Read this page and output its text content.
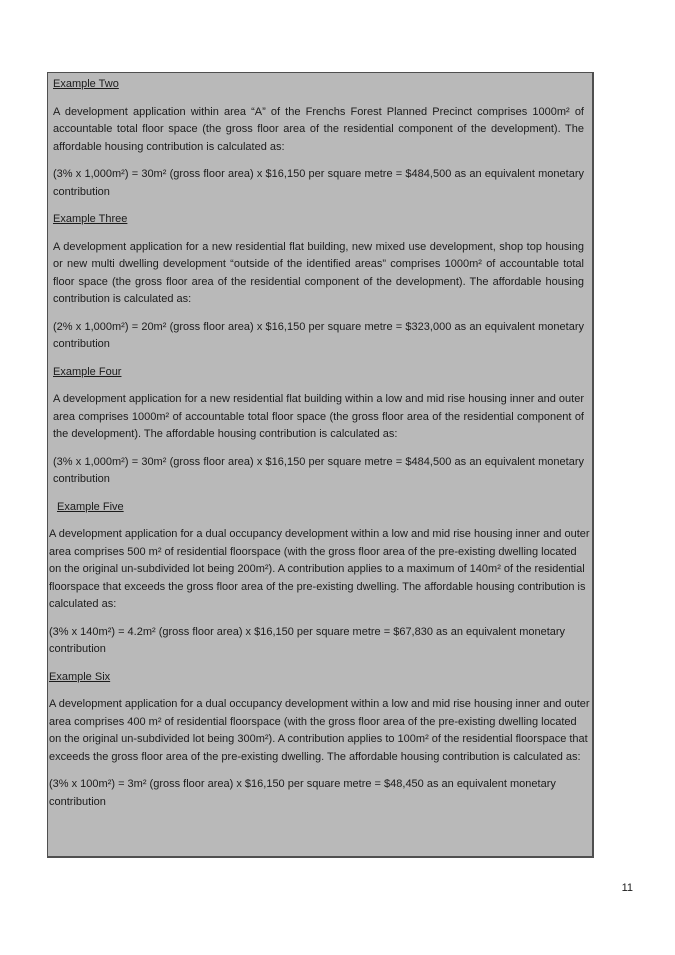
Example Two

A development application within area “A” of the Frenchs Forest Planned Precinct comprises 1000m² of accountable total floor space (the gross floor area of the residential component of the development). The affordable housing contribution is calculated as:

(3% x 1,000m²) = 30m² (gross floor area) x $16,150 per square metre = $484,500 as an equivalent monetary contribution

Example Three

A development application for a new residential flat building, new mixed use development, shop top housing or new multi dwelling development “outside of the identified areas” comprises 1000m² of accountable total floor space (the gross floor area of the residential component of the development). The affordable housing contribution is calculated as:

(2% x 1,000m²) = 20m² (gross floor area) x $16,150 per square metre = $323,000 as an equivalent monetary contribution

Example Four

A development application for a new residential flat building within a low and mid rise housing inner and outer area comprises 1000m² of accountable total floor space (the gross floor area of the residential component of the development). The affordable housing contribution is calculated as:

(3% x 1,000m²) = 30m² (gross floor area) x $16,150 per square metre = $484,500 as an equivalent monetary contribution

Example Five

A development application for a dual occupancy development within a low and mid rise housing inner and outer area comprises 500 m² of residential floorspace (with the gross floor area of the pre-existing dwelling located on the original un-subdivided lot being 200m²). A contribution applies to a maximum of 140m² of the residential floorspace that exceeds the gross floor area of the pre-existing dwelling. The affordable housing contribution is calculated as:

(3% x 140m²) = 4.2m² (gross floor area) x $16,150 per square metre = $67,830 as an equivalent monetary contribution

Example Six

A development application for a dual occupancy development within a low and mid rise housing inner and outer area comprises 400 m² of residential floorspace (with the gross floor area of the pre-existing dwelling located on the original un-subdivided lot being 300m²). A contribution applies to 100m² of the residential floorspace that exceeds the gross floor area of the pre-existing dwelling. The affordable housing contribution is calculated as:

(3% x 100m²) = 3m² (gross floor area) x $16,150 per square metre = $48,450 as an equivalent monetary contribution

11
